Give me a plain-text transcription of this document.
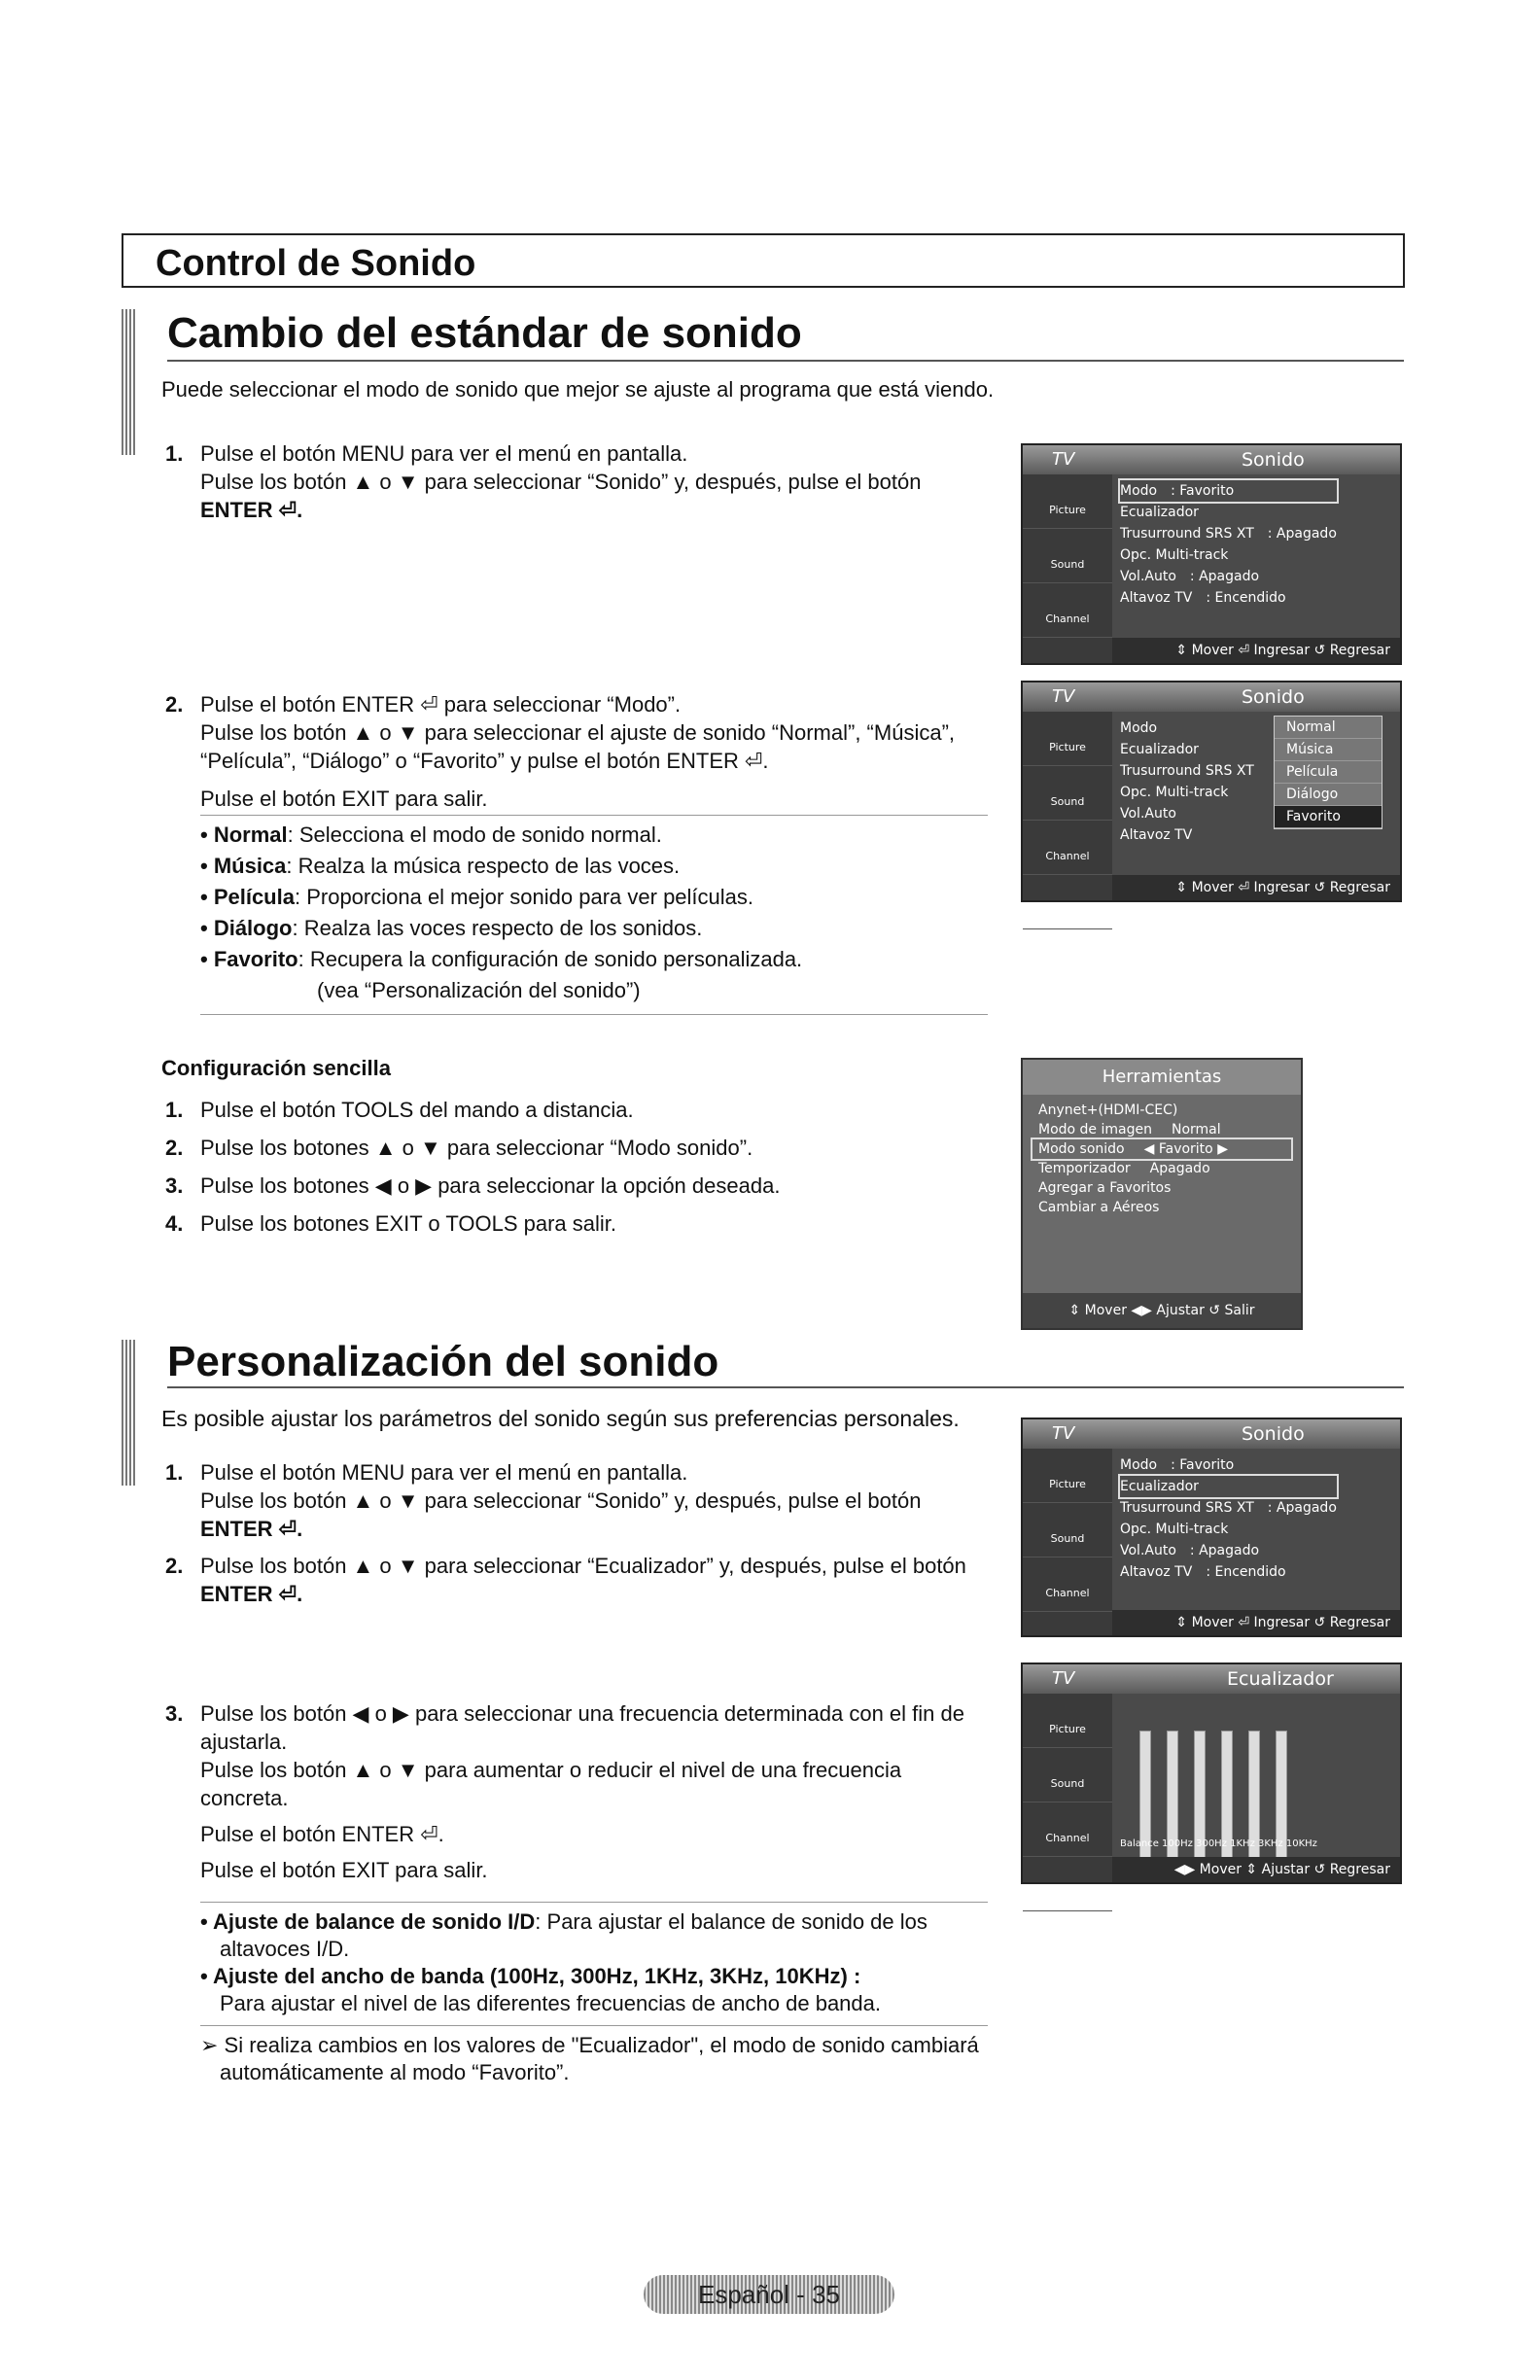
Control de Sonido
Cambio del estándar de sonido
Puede seleccionar el modo de sonido que mejor se ajuste al programa que está viendo.
1. Pulse el botón MENU para ver el menú en pantalla.
Pulse los botón ▲ o ▼ para seleccionar “Sonido” y, después, pulse el botón
ENTER ⏎.
2. Pulse el botón ENTER ⏎ para seleccionar “Modo”.
Pulse los botón ▲ o ▼ para seleccionar el ajuste de sonido “Normal”, “Música”,
“Película”, “Diálogo” o “Favorito” y pulse el botón ENTER ⏎.
Pulse el botón EXIT para salir.
• Normal: Selecciona el modo de sonido normal.
• Música: Realza la música respecto de las voces.
• Película: Proporciona el mejor sonido para ver películas.
• Diálogo: Realza las voces respecto de los sonidos.
• Favorito: Recupera la configuración de sonido personalizada.
(vea “Personalización del sonido”)
TV	Sonido
Picture
Sound
Channel
Setup
Modo : Favorito
Ecualizador
Trusurround SRS XT : Apagado
Opc. Multi-track
Vol.Auto : Apagado
Altavoz TV : Encendido
⇕ Mover ⏎ Ingresar ↺ Regresar
TV	Sonido
Picture
Sound
Channel
Setup
Modo
Ecualizador
Trusurround SRS XT
Opc. Multi-track
Vol.Auto
Altavoz TV
Normal
Música
Película
Diálogo
Favorito
⇕ Mover ⏎ Ingresar ↺ Regresar
Configuración sencilla
1. Pulse el botón TOOLS del mando a distancia.
2. Pulse los botones ▲ o ▼ para seleccionar “Modo sonido”.
3. Pulse los botones ◀ o ▶ para seleccionar la opción deseada.
4. Pulse los botones EXIT o TOOLS para salir.
Herramientas
Anynet+(HDMI-CEC)
Modo de imagen Normal
Modo sonido ◀ Favorito ▶
Temporizador Apagado
Agregar a Favoritos
Cambiar a Aéreos
⇕ Mover ◀▶ Ajustar ↺ Salir
Personalización del sonido
Es posible ajustar los parámetros del sonido según sus preferencias personales.
1. Pulse el botón MENU para ver el menú en pantalla.
Pulse los botón ▲ o ▼ para seleccionar “Sonido” y, después, pulse el botón
ENTER ⏎.
2. Pulse los botón ▲ o ▼ para seleccionar “Ecualizador” y, después, pulse el botón
ENTER ⏎.
3. Pulse los botón ◀ o ▶ para seleccionar una frecuencia determinada con el fin de
ajustarla.
Pulse los botón ▲ o ▼ para aumentar o reducir el nivel de una frecuencia
concreta.
Pulse el botón ENTER ⏎.
Pulse el botón EXIT para salir.
• Ajuste de balance de sonido I/D: Para ajustar el balance de sonido de los
altavoces I/D.
• Ajuste del ancho de banda (100Hz, 300Hz, 1KHz, 3KHz, 10KHz) :
Para ajustar el nivel de las diferentes frecuencias de ancho de banda.
➢ Si realiza cambios en los valores de "Ecualizador", el modo de sonido cambiará
automáticamente al modo “Favorito”.
TV	Sonido
Picture
Sound
Channel
Setup
Modo : Favorito
Ecualizador
Trusurround SRS XT : Apagado
Opc. Multi-track
Vol.Auto : Apagado
Altavoz TV : Encendido
⇕ Mover ⏎ Ingresar ↺ Regresar
TV	Ecualizador
Picture
Sound
Channel
Setup
Balance 100Hz 300Hz 1KHz 3KHz 10KHz
◀▶ Mover ⇕ Ajustar ↺ Regresar
Español - 35
